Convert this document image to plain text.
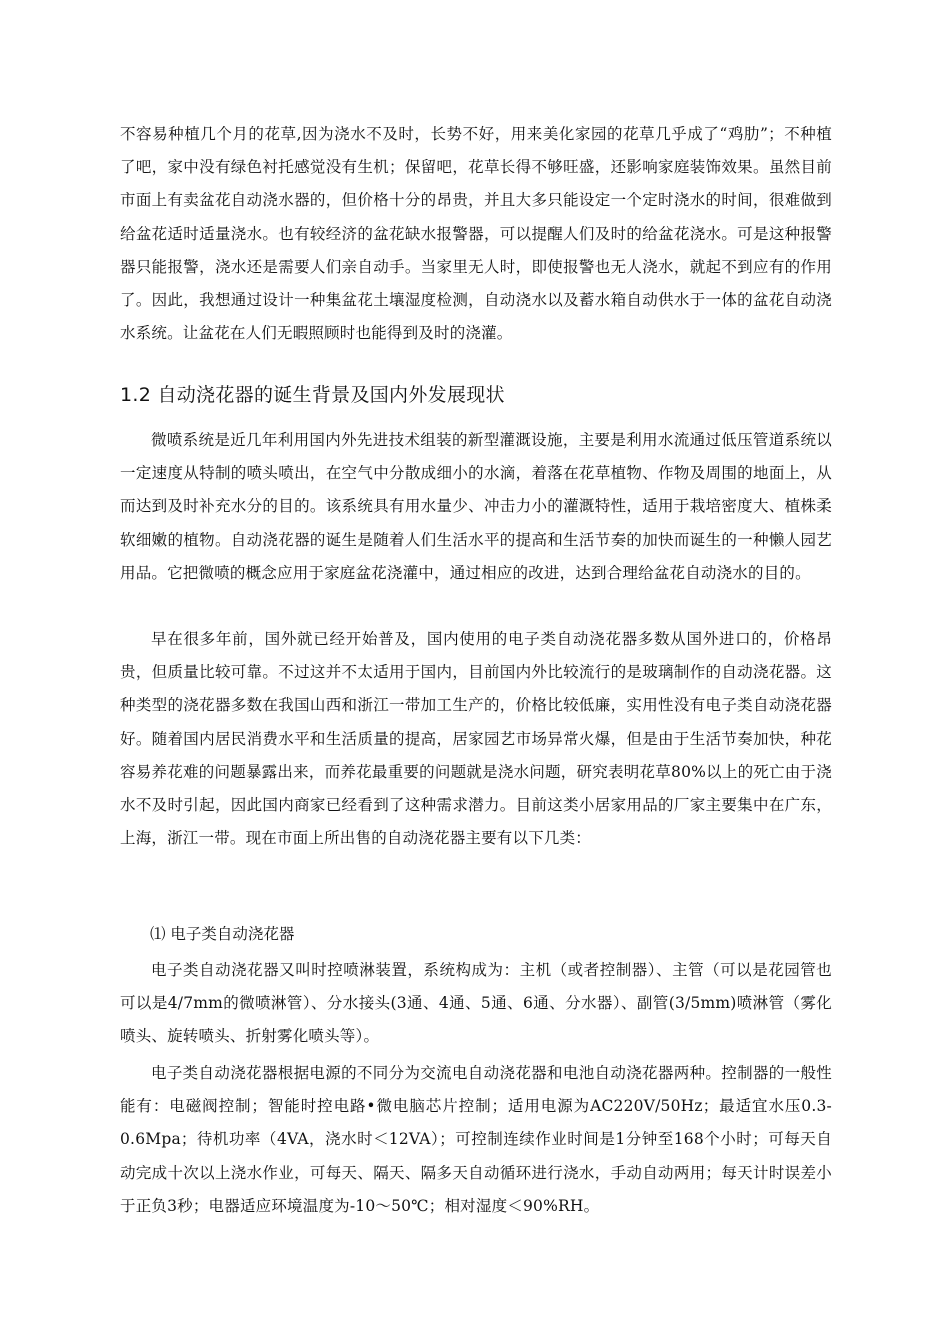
不容易种植几个月的花草,因为浇水不及时，长势不好，用来美化家园的花草几乎成了“鸡肋”；不种植了吧，家中没有绿色衬托感觉没有生机；保留吧，花草长得不够旺盛，还影响家庭装饰效果。虽然目前市面上有卖盆花自动浇水器的，但价格十分的昂贵，并且大多只能设定一个定时浇水的时间，很难做到给盆花适时适量浇水。也有较经济的盆花缺水报警器，可以提醒人们及时的给盆花浇水。可是这种报警器只能报警，浇水还是需要人们亲自动手。当家里无人时，即使报警也无人浇水，就起不到应有的作用了。因此，我想通过设计一种集盆花土壤湿度检测，自动浇水以及蓄水箱自动供水于一体的盆花自动浇水系统。让盆花在人们无暇照顾时也能得到及时的浇灌。

1.2 自动浇花器的诞生背景及国内外发展现状

微喷系统是近几年利用国内外先进技术组装的新型灌溉设施，主要是利用水流通过低压管道系统以一定速度从特制的喷头喷出，在空气中分散成细小的水滴，着落在花草植物、作物及周围的地面上，从而达到及时补充水分的目的。该系统具有用水量少、冲击力小的灌溉特性，适用于栽培密度大、植株柔软细嫩的植物。自动浇花器的诞生是随着人们生活水平的提高和生活节奏的加快而诞生的一种懒人园艺用品。它把微喷的概念应用于家庭盆花浇灌中，通过相应的改进，达到合理给盆花自动浇水的目的。

早在很多年前，国外就已经开始普及，国内使用的电子类自动浇花器多数从国外进口的，价格昂贵，但质量比较可靠。不过这并不太适用于国内，目前国内外比较流行的是玻璃制作的自动浇花器。这种类型的浇花器多数在我国山西和浙江一带加工生产的，价格比较低廉，实用性没有电子类自动浇花器好。随着国内居民消费水平和生活质量的提高，居家园艺市场异常火爆，但是由于生活节奏加快，种花容易养花难的问题暴露出来，而养花最重要的问题就是浇水问题，研究表明花草80%以上的死亡由于浇水不及时引起，因此国内商家已经看到了这种需求潜力。目前这类小居家用品的厂家主要集中在广东，上海，浙江一带。现在市面上所出售的自动浇花器主要有以下几类：

⑴ 电子类自动浇花器

电子类自动浇花器又叫时控喷淋装置，系统构成为：主机（或者控制器）、主管（可以是花园管也可以是4/7mm的微喷淋管）、分水接头(3通、4通、5通、6通、分水器）、副管(3/5mm)喷淋管（雾化喷头、旋转喷头、折射雾化喷头等）。

电子类自动浇花器根据电源的不同分为交流电自动浇花器和电池自动浇花器两种。控制器的一般性能有：电磁阀控制；智能时控电路•微电脑芯片控制；适用电源为AC220V/50Hz；最适宜水压0.3-0.6Mpa；待机功率（4VA，浇水时＜12VA）；可控制连续作业时间是1分钟至168个小时；可每天自动完成十次以上浇水作业，可每天、隔天、隔多天自动循环进行浇水，手动自动两用；每天计时误差小于正负3秒；电器适应环境温度为-10～50℃；相对湿度＜90%RH。
